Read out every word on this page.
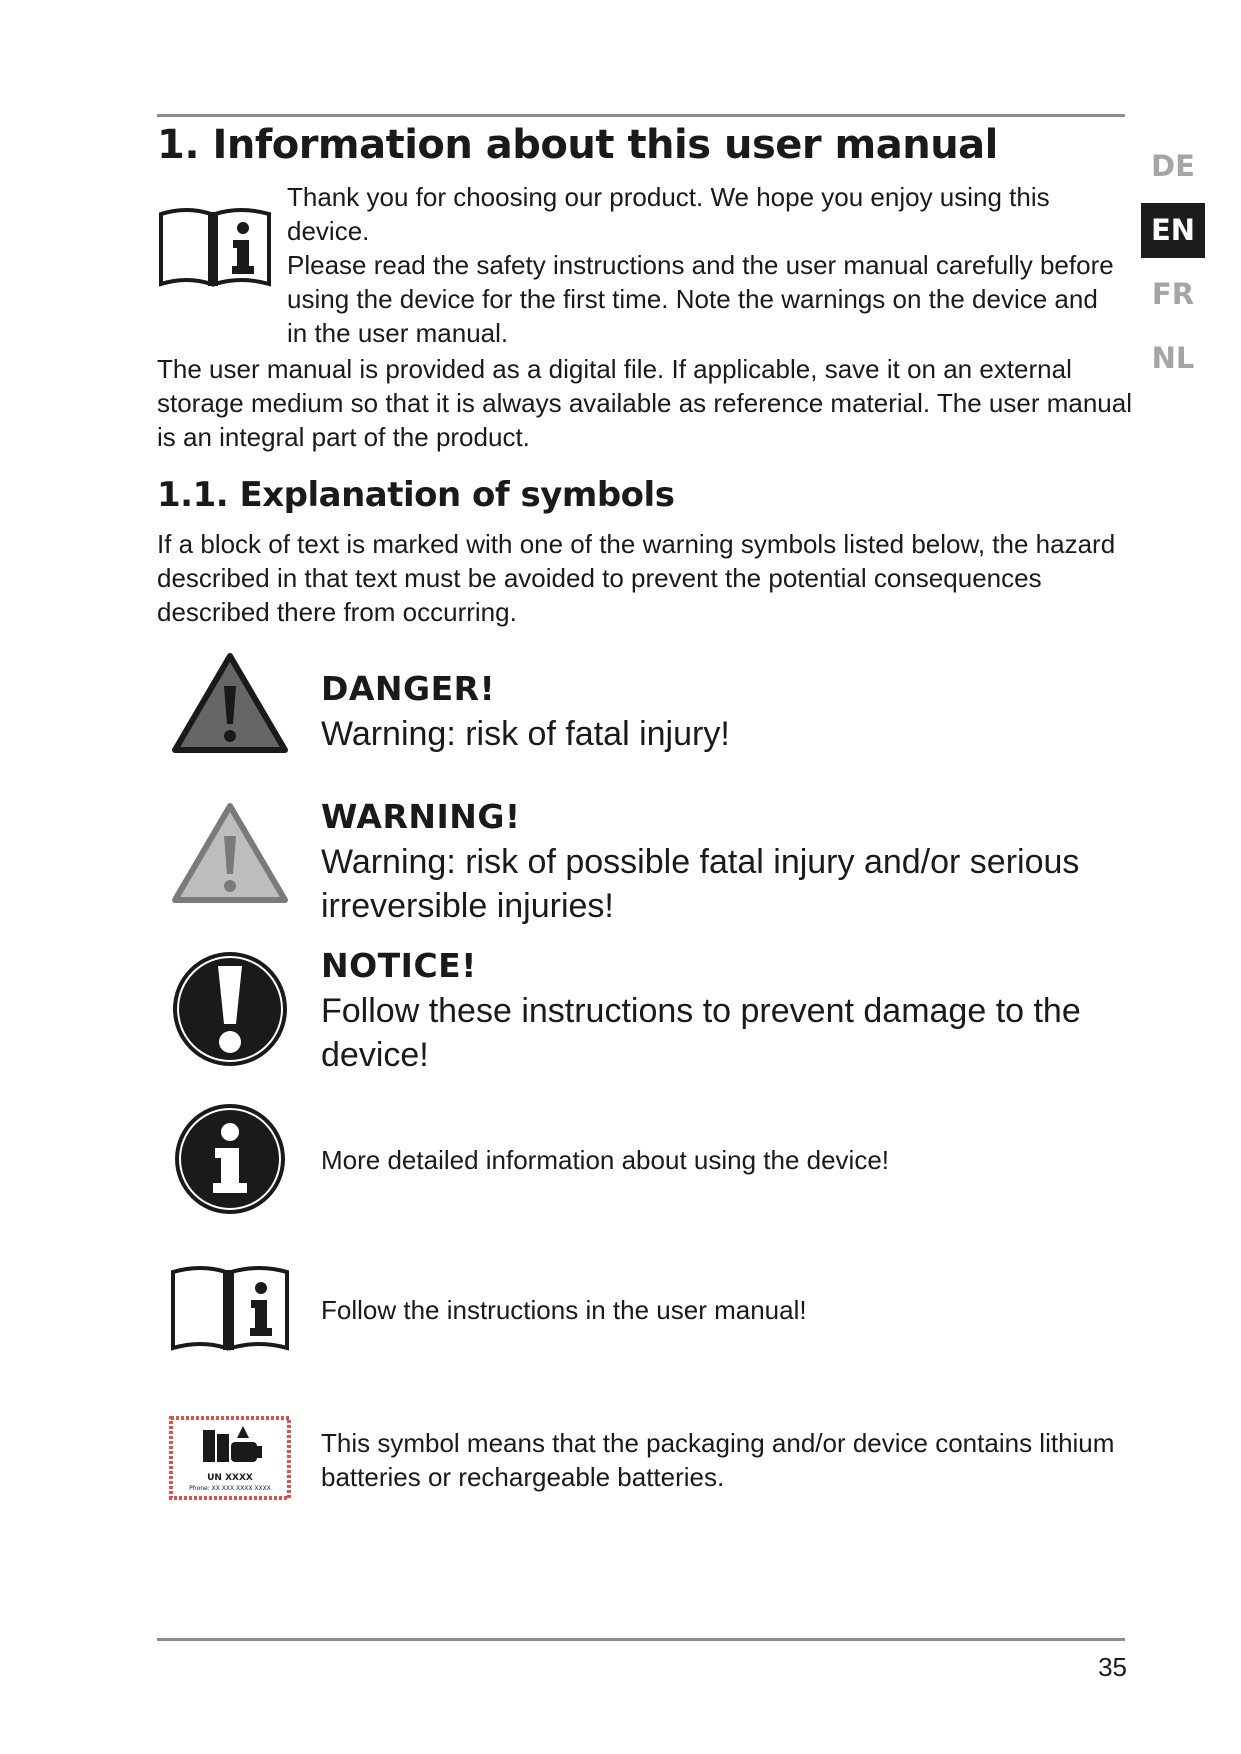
DE
EN
FR
NL
1. Information about this user manual
Thank you for choosing our product. We hope you enjoy using this device.
Please read the safety instructions and the user manual carefully before using the device for the first time. Note the warnings on the device and in the user manual.

The user manual is provided as a digital file. If applicable, save it on an external storage medium so that it is always available as reference material. The user manual is an integral part of the product.

1.1. Explanation of symbols

If a block of text is marked with one of the warning symbols listed below, the hazard described in that text must be avoided to prevent the potential consequences described there from occurring.

DANGER!

Warning: risk of fatal injury!

WARNING!

Warning: risk of possible fatal injury and/or serious irreversible injuries!

NOTICE!

Follow these instructions to prevent damage to the device!

More detailed information about using the device!

Follow the instructions in the user manual!

UN XXXX
Phone: XX XXX XXXX XXXX

This symbol means that the packaging and/or device contains lithium batteries or rechargeable batteries.

35
